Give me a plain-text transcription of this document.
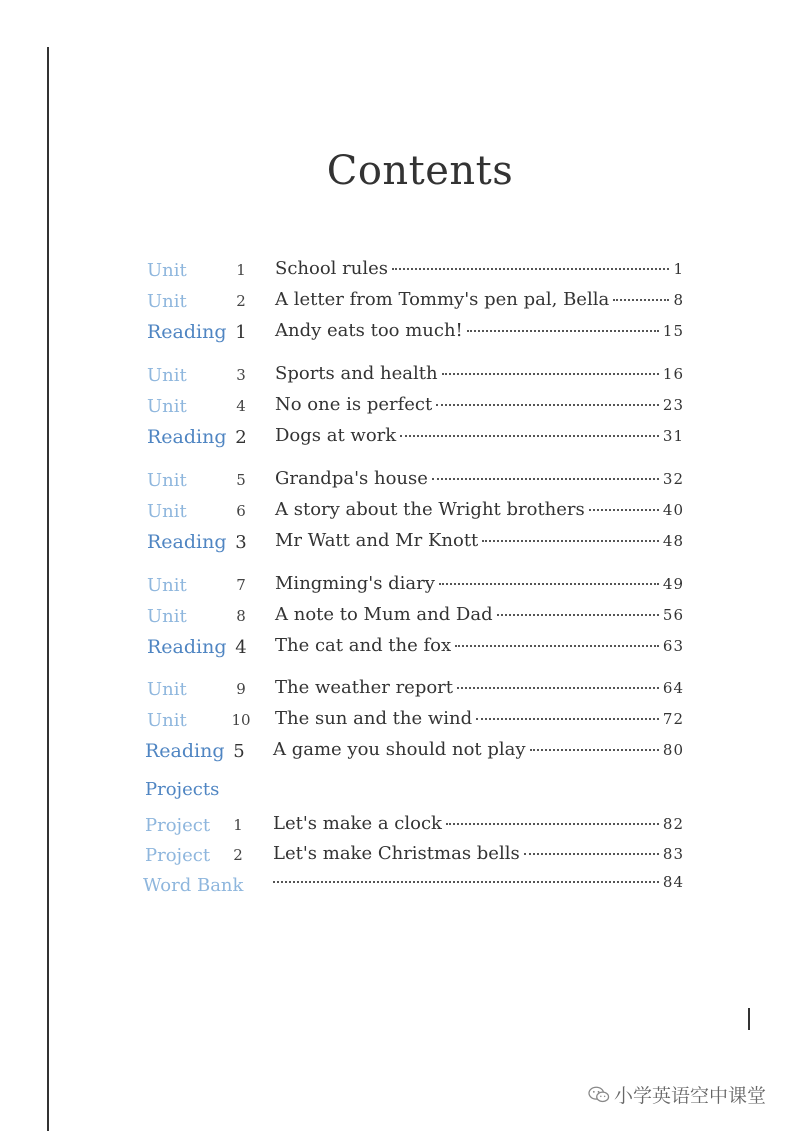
Contents
Unit	1 School rules	1
Unit	2 A letter from Tommy's pen pal, Bella	8
Reading 1 Andy eats too much!	15
Unit	3 Sports and health	16
Unit	4 No one is perfect	23
Reading 2 Dogs at work	31
Unit	5 Grandpa's house	32
Unit	6 A story about the Wright brothers	40
Reading 3 Mr Watt and Mr Knott	48
Unit	7 Mingming's diary	49
Unit	8 A note to Mum and Dad	56
Reading 4 The cat and the fox	63
Unit	9 The weather report	64
Unit	10	The sun and the wind	72
Reading 5 A game you should not play	80
Projects
Project 1 Let's make a clock	82
Project 2 Let's make Christmas bells	83
Word Bank	84
小学英语空中课堂
